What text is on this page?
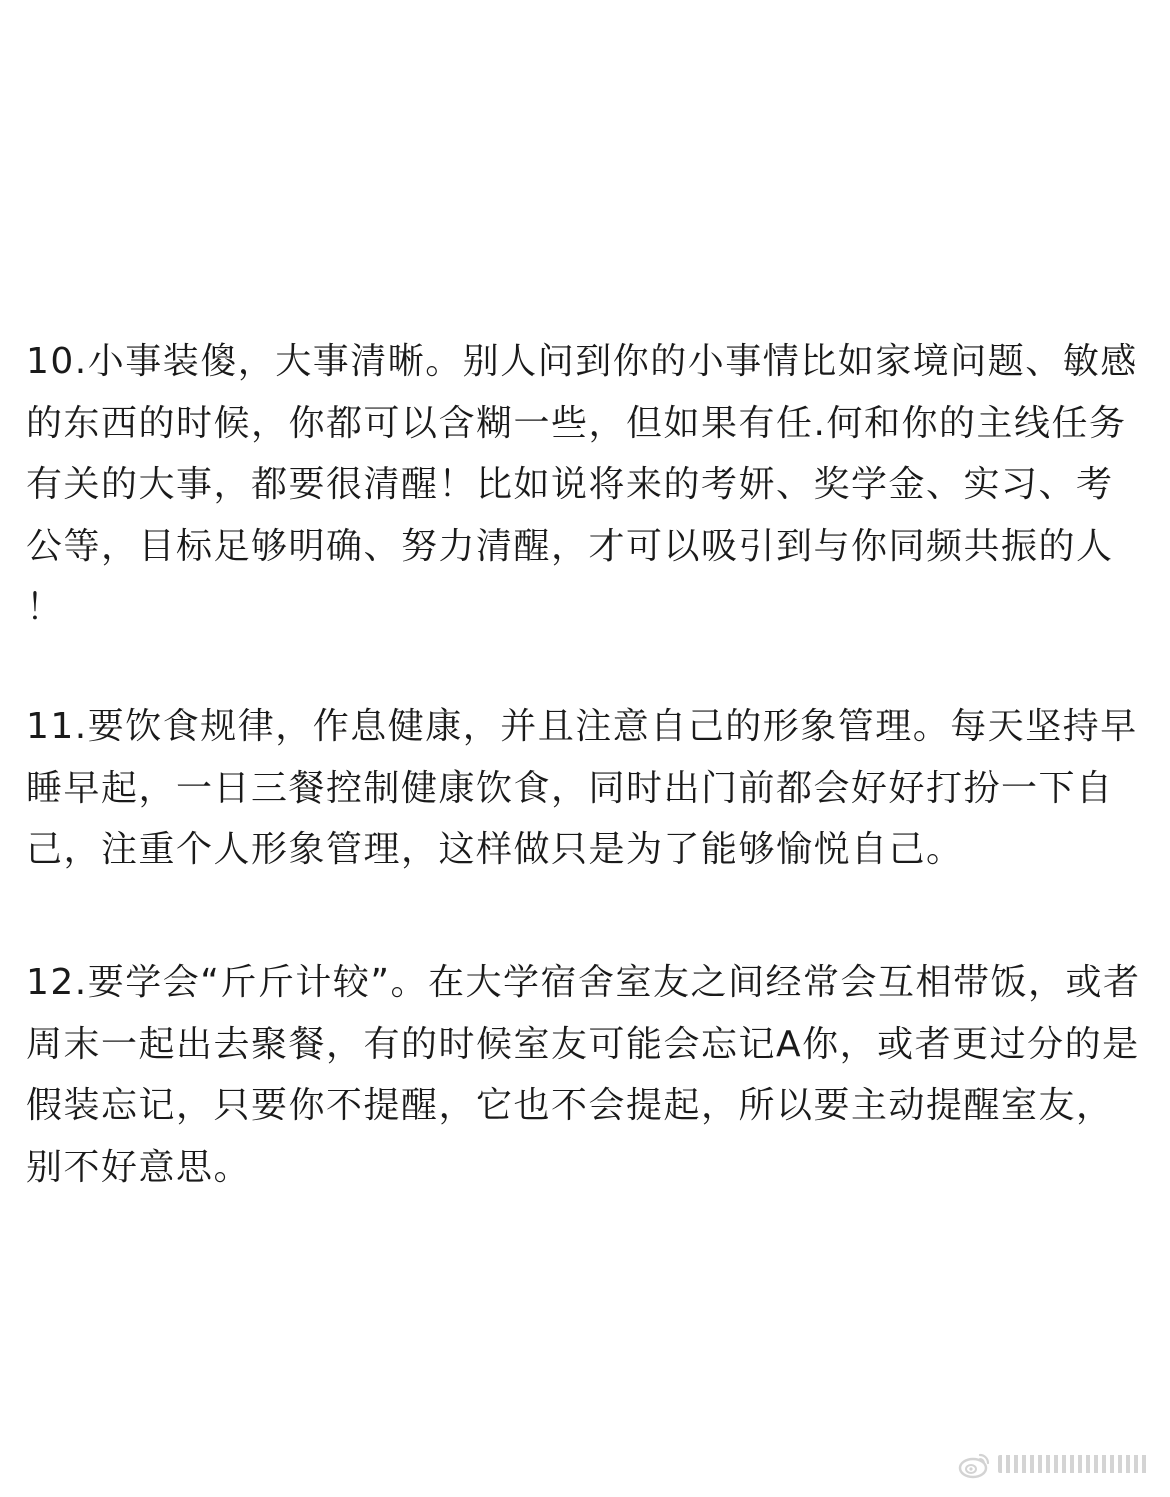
10.小事装傻，大事清晰。别人问到你的小事情比如家境问题、敏感的东西的时候，你都可以含糊一些，但如果有任.何和你的主线任务有关的大事，都要很清醒！比如说将来的考妍、奖学金、实习、考公等，目标足够明确、努力清醒，才可以吸引到与你同频共振的人！

11.要饮食规律，作息健康，并且注意自己的形象管理。每天坚持早睡早起，一日三餐控制健康饮食，同时出门前都会好好打扮一下自己，注重个人形象管理，这样做只是为了能够愉悦自己。

12.要学会“斤斤计较”。在大学宿舍室友之间经常会互相带饭，或者周末一起出去聚餐，有的时候室友可能会忘记A你，或者更过分的是假装忘记，只要你不提醒，它也不会提起，所以要主动提醒室友，别不好意思。
